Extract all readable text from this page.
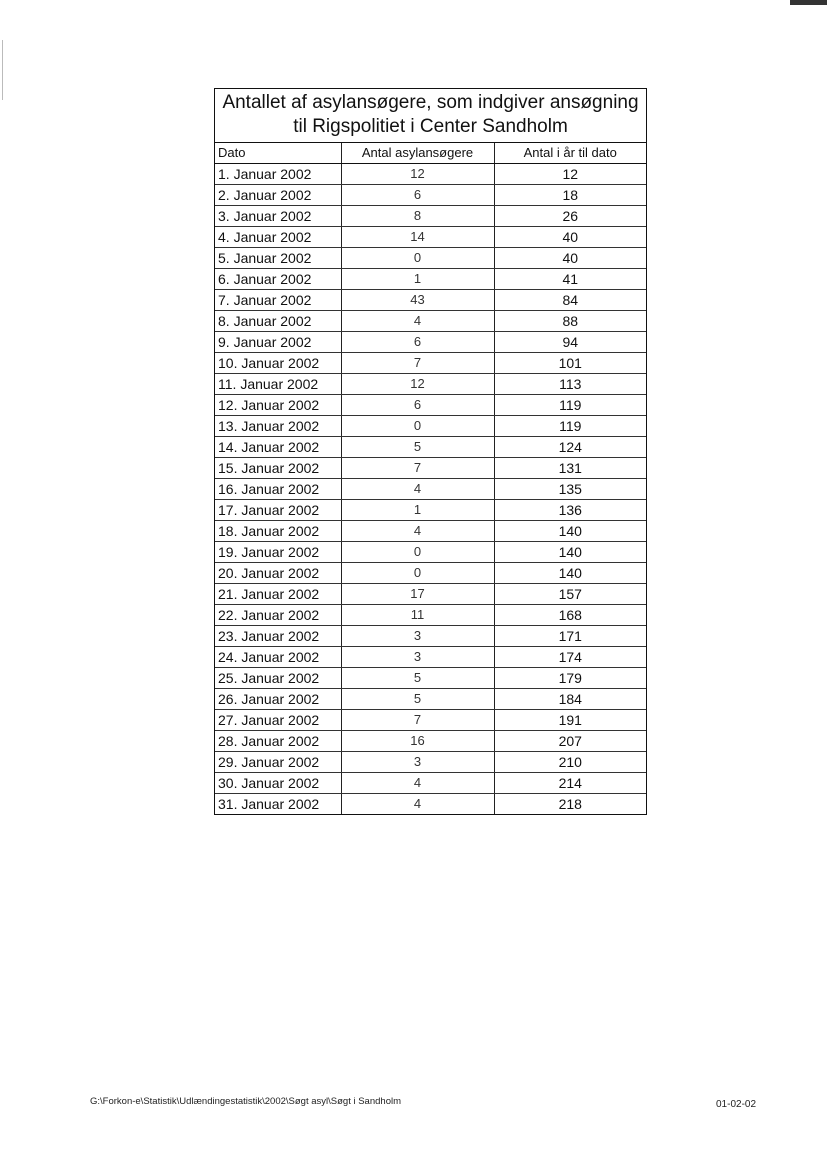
Antallet af asylansøgere, som indgiver ansøgning
til Rigspolitiet i Center Sandholm
Dato	Antal asylansøgere	Antal i år til dato
1. Januar 2002	12	12
2. Januar 2002	6	18
3. Januar 2002	8	26
4. Januar 2002	14	40
5. Januar 2002	0	40
6. Januar 2002	1	41
7. Januar 2002	43	84
8. Januar 2002	4	88
9. Januar 2002	6	94
10. Januar 2002	7	101
11. Januar 2002	12	113
12. Januar 2002	6	119
13. Januar 2002	0	119
14. Januar 2002	5	124
15. Januar 2002	7	131
16. Januar 2002	4	135
17. Januar 2002	1	136
18. Januar 2002	4	140
19. Januar 2002	0	140
20. Januar 2002	0	140
21. Januar 2002	17	157
22. Januar 2002	11	168
23. Januar 2002	3	171
24. Januar 2002	3	174
25. Januar 2002	5	179
26. Januar 2002	5	184
27. Januar 2002	7	191
28. Januar 2002	16	207
29. Januar 2002	3	210
30. Januar 2002	4	214
31. Januar 2002	4	218
G:\Forkon-e\Statistik\Udlændingestatistik\2002\Søgt asyl\Søgt i Sandholm	01-02-02
